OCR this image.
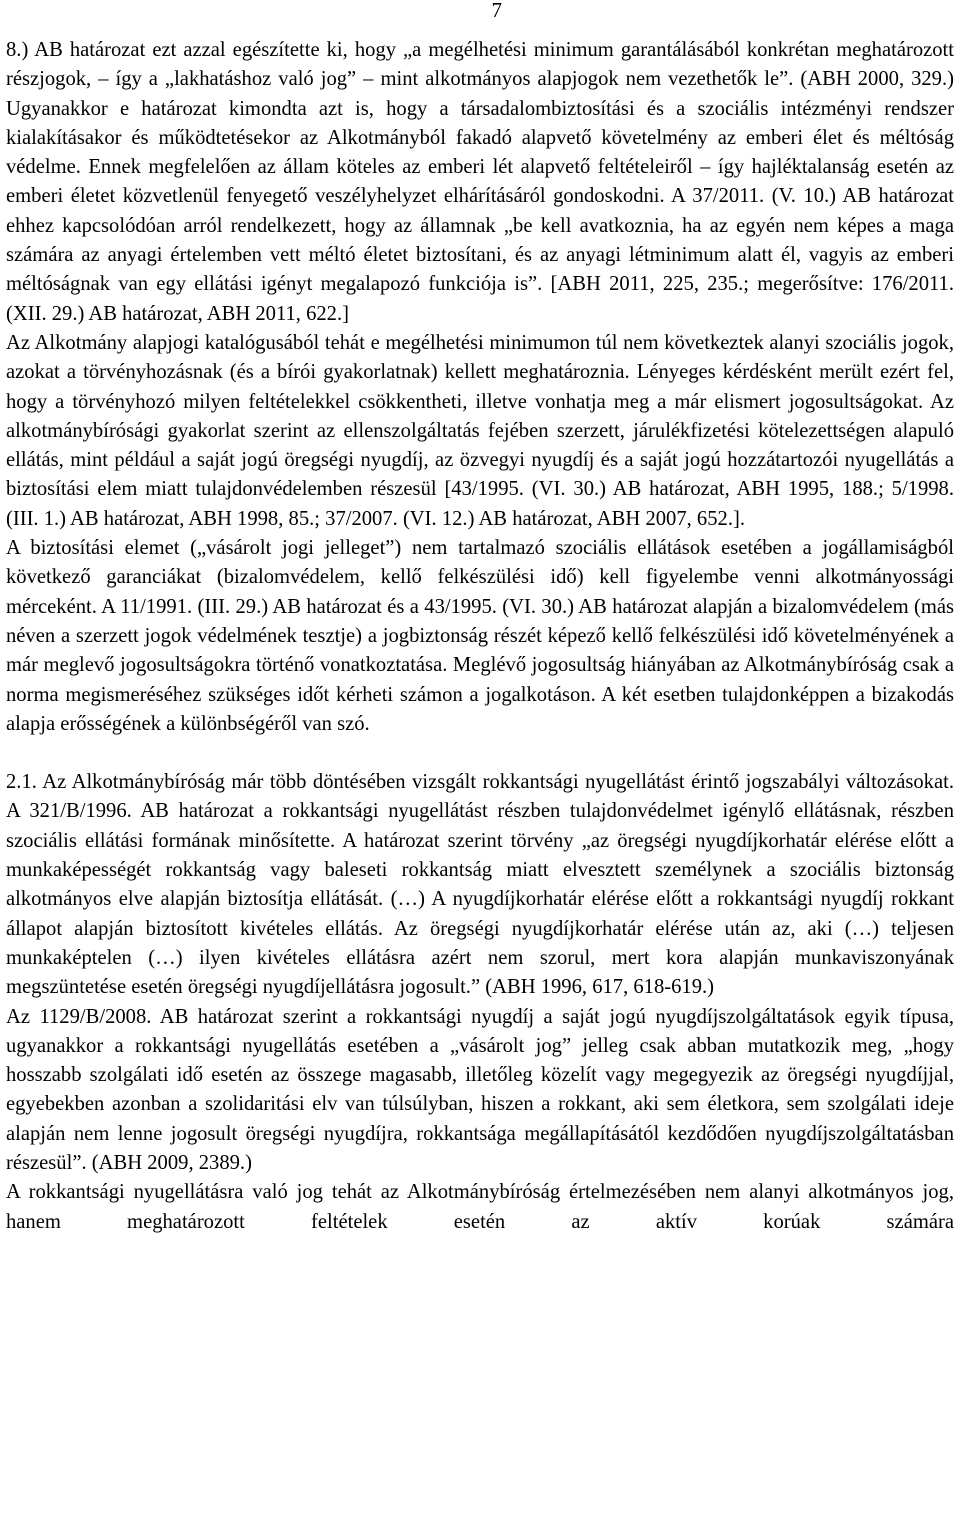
7

8.) AB határozat ezt azzal egészítette ki, hogy „a megélhetési minimum garantálásából konkrétan meghatározott részjogok, – így a „lakhatáshoz való jog” – mint alkotmányos alapjogok nem vezethetők le”. (ABH 2000, 329.) Ugyanakkor e határozat kimondta azt is, hogy a társadalombiztosítási és a szociális intézményi rendszer kialakításakor és működtetésekor az Alkotmányból fakadó alapvető követelmény az emberi élet és méltóság védelme. Ennek megfelelően az állam köteles az emberi lét alapvető feltételeiről – így hajléktalanság esetén az emberi életet közvetlenül fenyegető veszélyhelyzet elhárításáról gondoskodni. A 37/2011. (V. 10.) AB határozat ehhez kapcsolódóan arról rendelkezett, hogy az államnak „be kell avatkoznia, ha az egyén nem képes a maga számára az anyagi értelemben vett méltó életet biztosítani, és az anyagi létminimum alatt él, vagyis az emberi méltóságnak van egy ellátási igényt megalapozó funkciója is”. [ABH 2011, 225, 235.; megerősítve: 176/2011. (XII. 29.) AB határozat, ABH 2011, 622.]

Az Alkotmány alapjogi katalógusából tehát e megélhetési minimumon túl nem következtek alanyi szociális jogok, azokat a törvényhozásnak (és a bírói gyakorlatnak) kellett meghatároznia. Lényeges kérdésként merült ezért fel, hogy a törvényhozó milyen feltételekkel csökkentheti, illetve vonhatja meg a már elismert jogosultságokat. Az alkotmánybírósági gyakorlat szerint az ellenszolgáltatás fejében szerzett, járulékfizetési kötelezettségen alapuló ellátás, mint például a saját jogú öregségi nyugdíj, az özvegyi nyugdíj és a saját jogú hozzátartozói nyugellátás a biztosítási elem miatt tulajdonvédelemben részesül [43/1995. (VI. 30.) AB határozat, ABH 1995, 188.; 5/1998. (III. 1.) AB határozat, ABH 1998, 85.; 37/2007. (VI. 12.) AB határozat, ABH 2007, 652.].

A biztosítási elemet („vásárolt jogi jelleget”) nem tartalmazó szociális ellátások esetében a jogállamiságból következő garanciákat (bizalomvédelem, kellő felkészülési idő) kell figyelembe venni alkotmányossági mérceként. A 11/1991. (III. 29.) AB határozat és a 43/1995. (VI. 30.) AB határozat alapján a bizalomvédelem (más néven a szerzett jogok védelmének tesztje) a jogbiztonság részét képező kellő felkészülési idő követelményének a már meglevő jogosultságokra történő vonatkoztatása. Meglévő jogosultság hiányában az Alkotmánybíróság csak a norma megismeréséhez szükséges időt kérheti számon a jogalkotáson. A két esetben tulajdonképpen a bizakodás alapja erősségének a különbségéről van szó.

2.1. Az Alkotmánybíróság már több döntésében vizsgált rokkantsági nyugellátást érintő jogszabályi változásokat. A 321/B/1996. AB határozat a rokkantsági nyugellátást részben tulajdonvédelmet igénylő ellátásnak, részben szociális ellátási formának minősítette. A határozat szerint törvény „az öregségi nyugdíjkorhatár elérése előtt a munkaképességét rokkantság vagy baleseti rokkantság miatt elvesztett személynek a szociális biztonság alkotmányos elve alapján biztosítja ellátását. (…) A nyugdíjkorhatár elérése előtt a rokkantsági nyugdíj rokkant állapot alapján biztosított kivételes ellátás. Az öregségi nyugdíjkorhatár elérése után az, aki (…) teljesen munkaképtelen (…) ilyen kivételes ellátásra azért nem szorul, mert kora alapján munkaviszonyának megszüntetése esetén öregségi nyugdíjellátásra jogosult.” (ABH 1996, 617, 618-619.)

Az 1129/B/2008. AB határozat szerint a rokkantsági nyugdíj a saját jogú nyugdíjszolgáltatások egyik típusa, ugyanakkor a rokkantsági nyugellátás esetében a „vásárolt jog” jelleg csak abban mutatkozik meg, „hogy hosszabb szolgálati idő esetén az összege magasabb, illetőleg közelít vagy megegyezik az öregségi nyugdíjjal, egyebekben azonban a szolidaritási elv van túlsúlyban, hiszen a rokkant, aki sem életkora, sem szolgálati ideje alapján nem lenne jogosult öregségi nyugdíjra, rokkantsága megállapításától kezdődően nyugdíjszolgáltatásban részesül”. (ABH 2009, 2389.)

A rokkantsági nyugellátásra való jog tehát az Alkotmánybíróság értelmezésében nem alanyi alkotmányos jog, hanem meghatározott feltételek esetén az aktív korúak számára
